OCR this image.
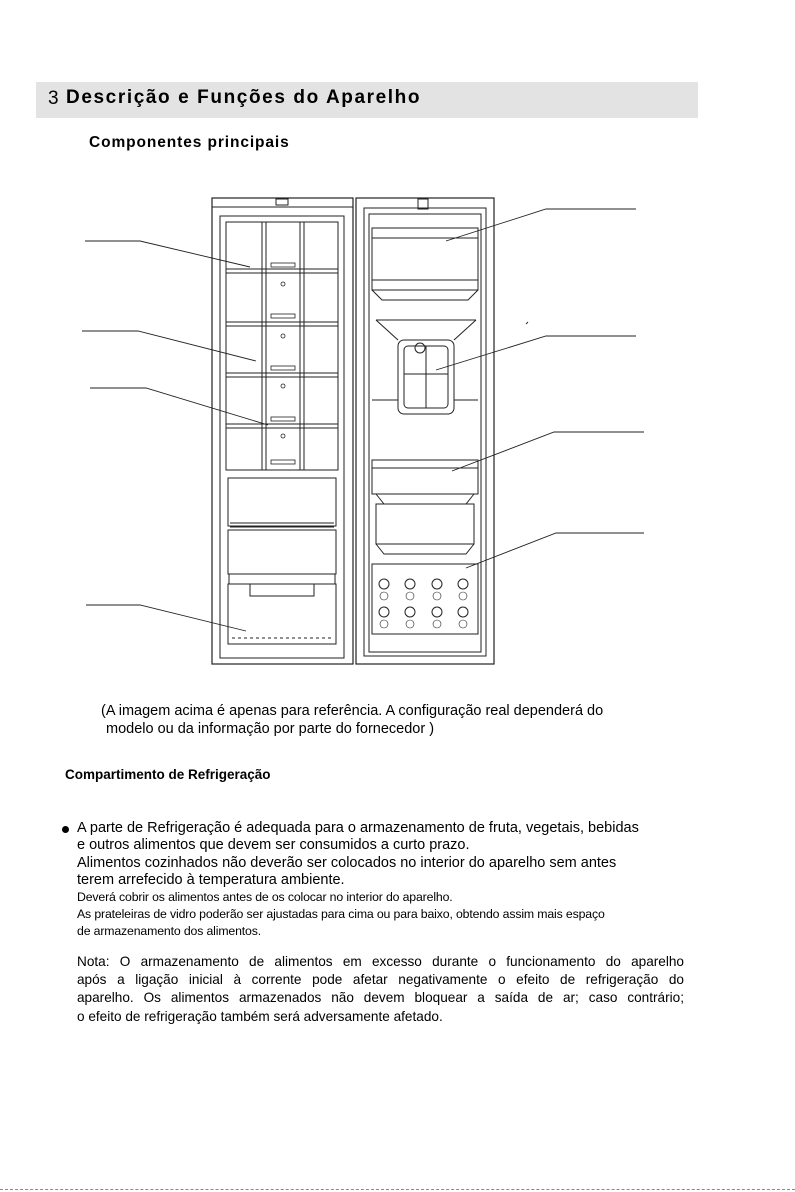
3 Descrição e Funções do Aparelho
Componentes principais
(A imagem acima é apenas para referência. A configuração real dependerá do
modelo ou da informação por parte do fornecedor )
Compartimento de Refrigeração
A parte de Refrigeração é adequada para o armazenamento de fruta, vegetais, bebidas
e outros alimentos que devem ser consumidos a curto prazo.
Alimentos cozinhados não deverão ser colocados no interior do aparelho sem antes
terem arrefecido à temperatura ambiente.
Deverá cobrir os alimentos antes de os colocar no interior do aparelho.
As prateleiras de vidro poderão ser ajustadas para cima ou para baixo, obtendo assim mais espaço
de armazenamento dos alimentos.
Nota: O armazenamento de alimentos em excesso durante o funcionamento do aparelho
após a ligação inicial à corrente pode afetar negativamente o efeito de refrigeração do
aparelho. Os alimentos armazenados não devem bloquear a saída de ar; caso contrário;
o efeito de refrigeração também será adversamente afetado.
